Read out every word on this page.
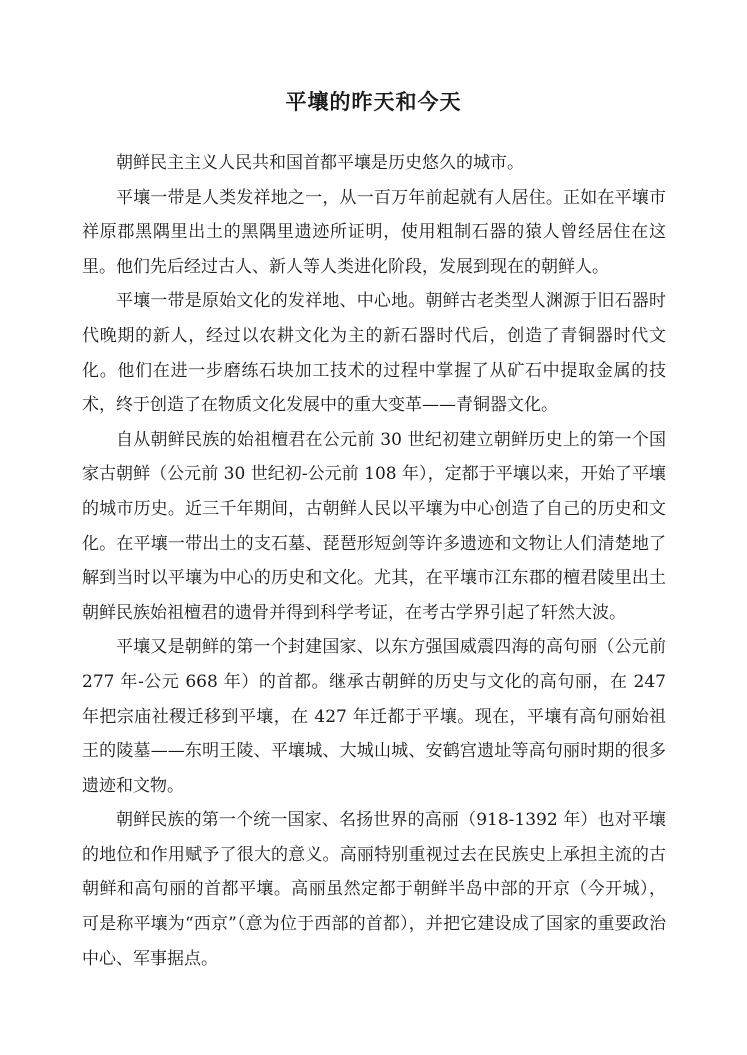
平壤的昨天和今天

朝鲜民主主义人民共和国首都平壤是历史悠久的城市。

平壤一带是人类发祥地之一，从一百万年前起就有人居住。正如在平壤市祥原郡黑隅里出土的黑隅里遗迹所证明，使用粗制石器的猿人曾经居住在这里。他们先后经过古人、新人等人类进化阶段，发展到现在的朝鲜人。

平壤一带是原始文化的发祥地、中心地。朝鲜古老类型人渊源于旧石器时代晚期的新人，经过以农耕文化为主的新石器时代后，创造了青铜器时代文化。他们在进一步磨练石块加工技术的过程中掌握了从矿石中提取金属的技术，终于创造了在物质文化发展中的重大变革——青铜器文化。

自从朝鲜民族的始祖檀君在公元前 30 世纪初建立朝鲜历史上的第一个国家古朝鲜（公元前 30 世纪初-公元前 108 年），定都于平壤以来，开始了平壤的城市历史。近三千年期间，古朝鲜人民以平壤为中心创造了自己的历史和文化。在平壤一带出土的支石墓、琵琶形短剑等许多遗迹和文物让人们清楚地了解到当时以平壤为中心的历史和文化。尤其，在平壤市江东郡的檀君陵里出土朝鲜民族始祖檀君的遗骨并得到科学考证，在考古学界引起了轩然大波。

平壤又是朝鲜的第一个封建国家、以东方强国威震四海的高句丽（公元前 277 年-公元 668 年）的首都。继承古朝鲜的历史与文化的高句丽，在 247 年把宗庙社稷迁移到平壤，在 427 年迁都于平壤。现在，平壤有高句丽始祖王的陵墓——东明王陵、平壤城、大城山城、安鹤宫遗址等高句丽时期的很多遗迹和文物。

朝鲜民族的第一个统一国家、名扬世界的高丽（918-1392 年）也对平壤的地位和作用赋予了很大的意义。高丽特别重视过去在民族史上承担主流的古朝鲜和高句丽的首都平壤。高丽虽然定都于朝鲜半岛中部的开京（今开城），可是称平壤为“西京”（意为位于西部的首都），并把它建设成了国家的重要政治中心、军事据点。
